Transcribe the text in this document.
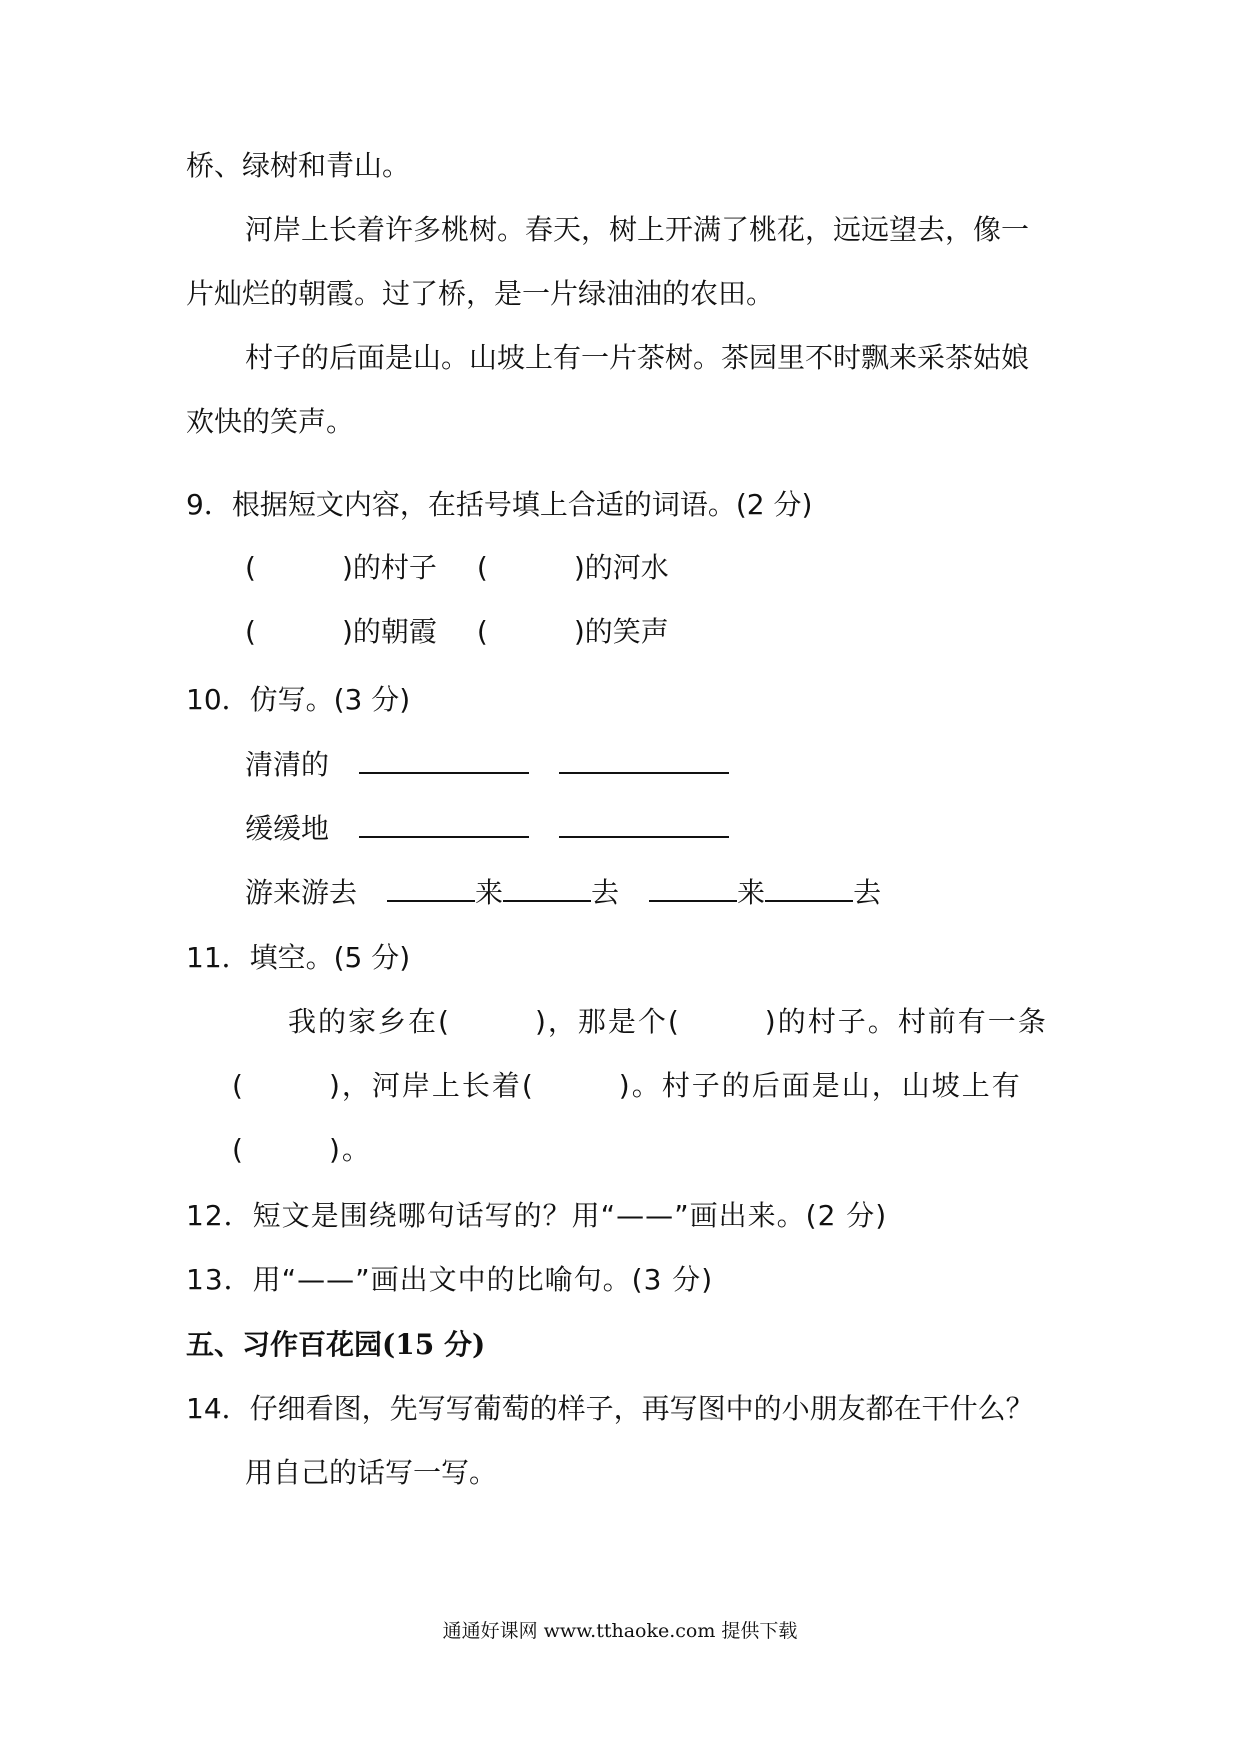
桥、绿树和青山。
河岸上长着许多桃树。春天，树上开满了桃花，远远望去，像一
片灿烂的朝霞。过了桥，是一片绿油油的农田。
村子的后面是山。山坡上有一片茶树。茶园里不时飘来采茶姑娘
欢快的笑声。
9．根据短文内容，在括号填上合适的词语。(2 分)
(	)的村子 (	)的河水
(	)的朝霞 (	)的笑声
10．仿写。(3 分)
清清的
缓缓地
游来游去	来	去	来	去
11．填空。(5 分)
我的家乡在(	)，那是个(	)的村子。村前有一条
(	)，河岸上长着(	)。村子的后面是山，山坡上有
(	)。
12．短文是围绕哪句话写的？用“——”画出来。(2 分)
13．用“——”画出文中的比喻句。(3 分)
五、习作百花园(15 分)
14．仔细看图，先写写葡萄的样子，再写图中的小朋友都在干什么？
用自己的话写一写。
通通好课网 www.tthaoke.com 提供下载
